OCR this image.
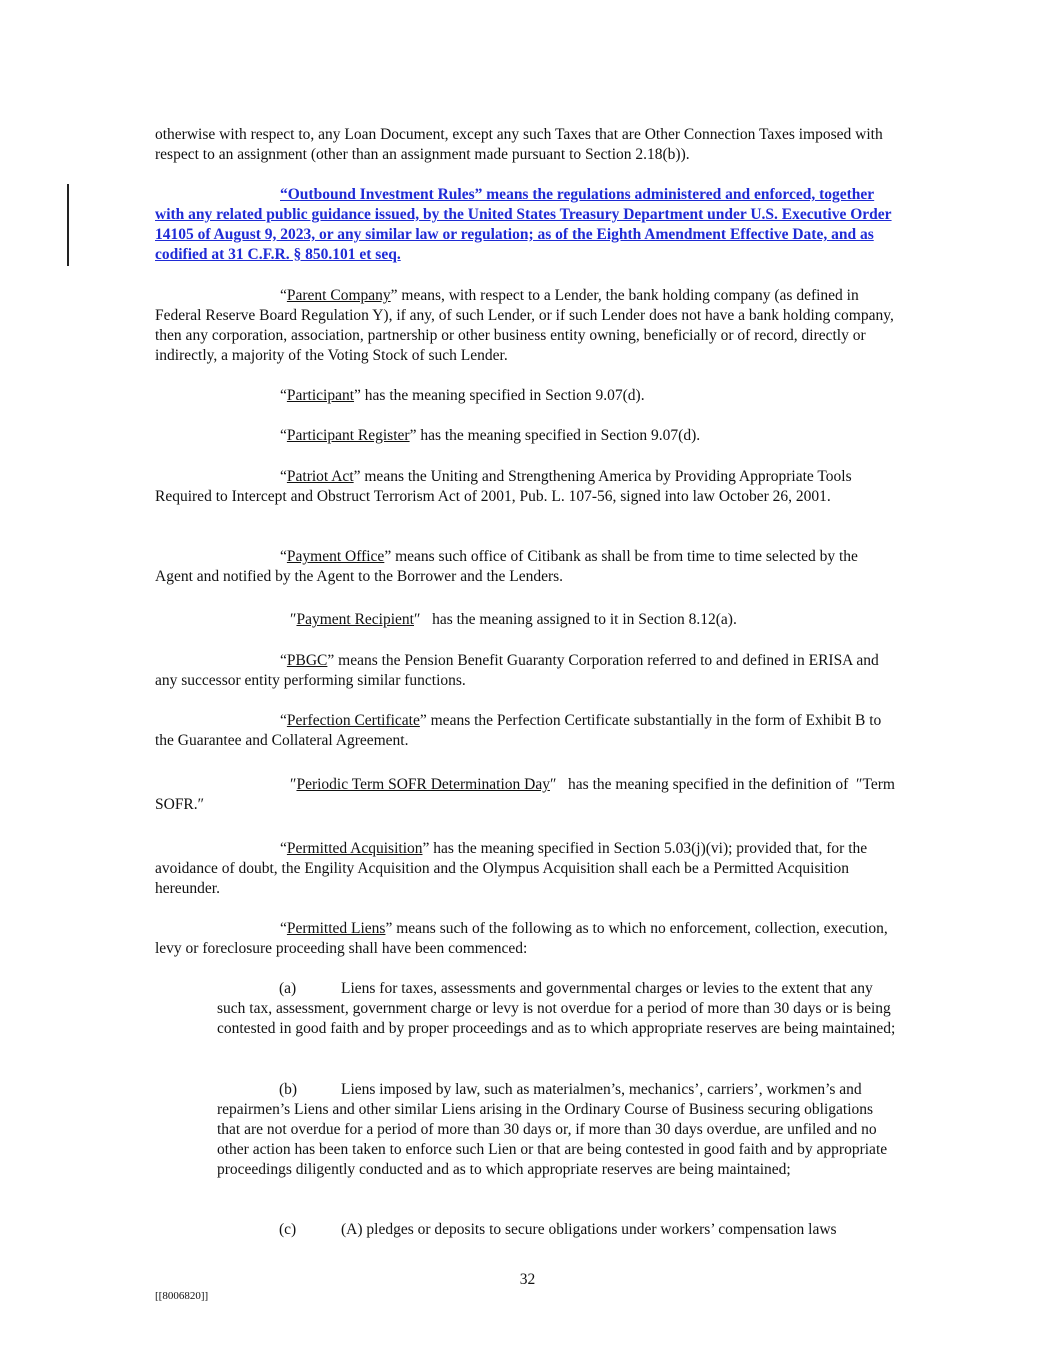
otherwise with respect to, any Loan Document, except any such Taxes that are Other Connection Taxes imposed with respect to an assignment (other than an assignment made pursuant to Section 2.18(b)).

“Outbound Investment Rules” means the regulations administered and enforced, together with any related public guidance issued, by the United States Treasury Department under U.S. Executive Order 14105 of August 9, 2023, or any similar law or regulation; as of the Eighth Amendment Effective Date, and as codified at 31 C.F.R. § 850.101 et seq.

“Parent Company” means, with respect to a Lender, the bank holding company (as defined in Federal Reserve Board Regulation Y), if any, of such Lender, or if such Lender does not have a bank holding company, then any corporation, association, partnership or other business entity owning, beneficially or of record, directly or indirectly, a majority of the Voting Stock of such Lender.

“Participant” has the meaning specified in Section 9.07(d).

“Participant Register” has the meaning specified in Section 9.07(d).

“Patriot Act” means the Uniting and Strengthening America by Providing Appropriate Tools Required to Intercept and Obstruct Terrorism Act of 2001, Pub. L. 107-56, signed into law October 26, 2001.

“Payment Office” means such office of Citibank as shall be from time to time selected by the Agent and notified by the Agent to the Borrower and the Lenders.

″Payment Recipient″   has the meaning assigned to it in Section 8.12(a).

“PBGC” means the Pension Benefit Guaranty Corporation referred to and defined in ERISA and any successor entity performing similar functions.

“Perfection Certificate” means the Perfection Certificate substantially in the form of Exhibit B to the Guarantee and Collateral Agreement.

″Periodic Term SOFR Determination Day″   has the meaning specified in the definition of  ″Term SOFR.″

“Permitted Acquisition” has the meaning specified in Section 5.03(j)(vi); provided that, for the avoidance of doubt, the Engility Acquisition and the Olympus Acquisition shall each be a Permitted Acquisition hereunder.

“Permitted Liens” means such of the following as to which no enforcement, collection, execution, levy or foreclosure proceeding shall have been commenced:

(a)	Liens for taxes, assessments and governmental charges or levies to the extent that any such tax, assessment, government charge or levy is not overdue for a period of more than 30 days or is being contested in good faith and by proper proceedings and as to which appropriate reserves are being maintained;

(b)	Liens imposed by law, such as materialmen’s, mechanics’, carriers’, workmen’s and repairmen’s Liens and other similar Liens arising in the Ordinary Course of Business securing obligations that are not overdue for a period of more than 30 days or, if more than 30 days overdue, are unfiled and no other action has been taken to enforce such Lien or that are being contested in good faith and by appropriate proceedings diligently conducted and as to which appropriate reserves are being maintained;

(c)	(A) pledges or deposits to secure obligations under workers’ compensation laws

32
[[8006820]]
